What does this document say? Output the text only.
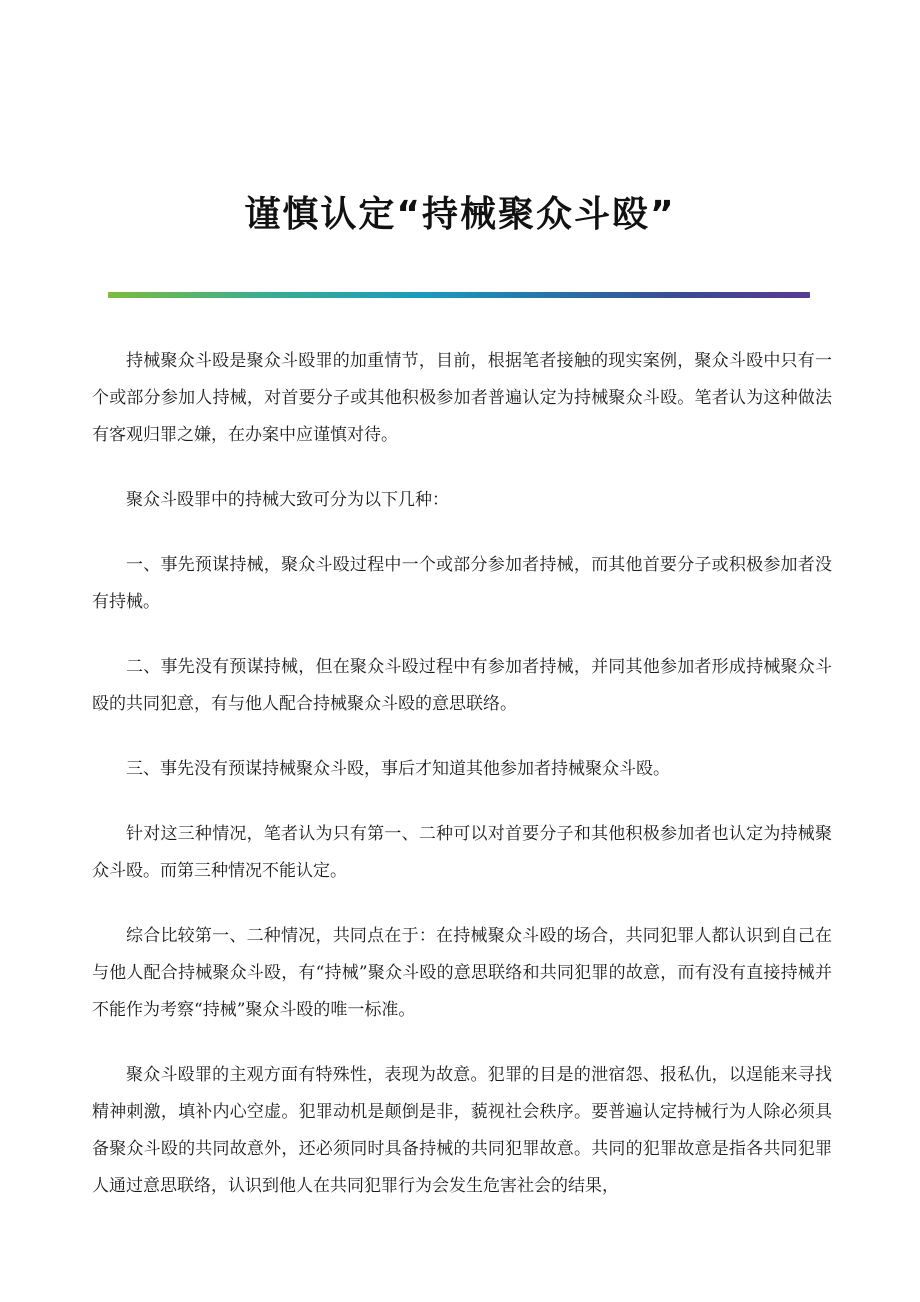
谨慎认定“持械聚众斗殴”

持械聚众斗殴是聚众斗殴罪的加重情节，目前，根据笔者接触的现实案例，聚众斗殴中只有一个或部分参加人持械，对首要分子或其他积极参加者普遍认定为持械聚众斗殴。笔者认为这种做法有客观归罪之嫌，在办案中应谨慎对待。

聚众斗殴罪中的持械大致可分为以下几种：

一、事先预谋持械，聚众斗殴过程中一个或部分参加者持械，而其他首要分子或积极参加者没有持械。

二、事先没有预谋持械，但在聚众斗殴过程中有参加者持械，并同其他参加者形成持械聚众斗殴的共同犯意，有与他人配合持械聚众斗殴的意思联络。

三、事先没有预谋持械聚众斗殴，事后才知道其他参加者持械聚众斗殴。

针对这三种情况，笔者认为只有第一、二种可以对首要分子和其他积极参加者也认定为持械聚众斗殴。而第三种情况不能认定。

综合比较第一、二种情况，共同点在于：在持械聚众斗殴的场合，共同犯罪人都认识到自己在与他人配合持械聚众斗殴，有“持械”聚众斗殴的意思联络和共同犯罪的故意，而有没有直接持械并不能作为考察“持械”聚众斗殴的唯一标准。

聚众斗殴罪的主观方面有特殊性，表现为故意。犯罪的目是的泄宿怨、报私仇，以逞能来寻找精神刺激，填补内心空虚。犯罪动机是颠倒是非，藐视社会秩序。要普遍认定持械行为人除必须具备聚众斗殴的共同故意外，还必须同时具备持械的共同犯罪故意。共同的犯罪故意是指各共同犯罪人通过意思联络，认识到他人在共同犯罪行为会发生危害社会的结果，
